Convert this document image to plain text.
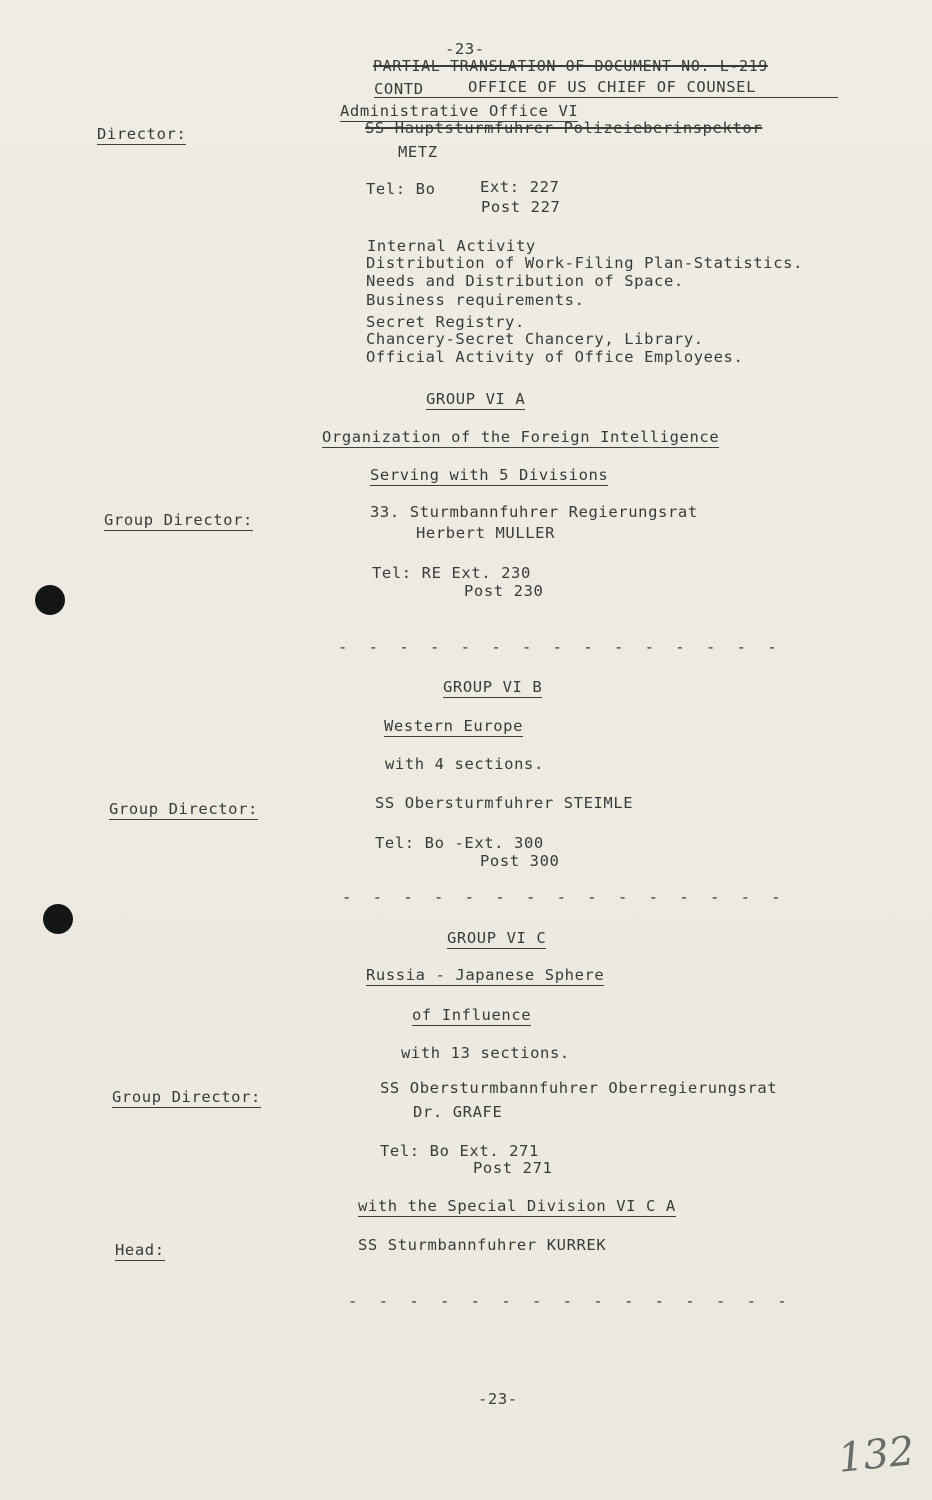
-23-
PARTIAL TRANSLATION OF DOCUMENT NO. L-219
CONTD	OFFICE OF US CHIEF OF COUNSEL
Administrative Office VI
Director:	SS Hauptsturmfuhrer Polizeieberinspektor
METZ
Tel: Bo	Ext: 227
Post 227
Internal Activity
Distribution of Work-Filing Plan-Statistics.
Needs and Distribution of Space.
Business requirements.
Secret Registry.
Chancery-Secret Chancery, Library.
Official Activity of Office Employees.
GROUP VI A
Organization of the Foreign Intelligence
Serving with 5 Divisions
Group Director:	33. Sturmbannfuhrer Regierungsrat
Herbert MULLER
Tel: RE Ext. 230
Post 230
- - - - - - - - - - - - - - -
GROUP VI B
Western Europe
with 4 sections.
Group Director:	SS Obersturmfuhrer STEIMLE
Tel: Bo -Ext. 300
Post 300
- - - - - - - - - - - - - - -
GROUP VI C
Russia - Japanese Sphere
of Influence
with 13 sections.
Group Director:	SS Obersturmbannfuhrer Oberregierungsrat
Dr. GRAFE
Tel: Bo Ext. 271
Post 271
with the Special Division VI C A
Head:	SS Sturmbannfuhrer KURREK
- - - - - - - - - - - - - - -
-23-
132
